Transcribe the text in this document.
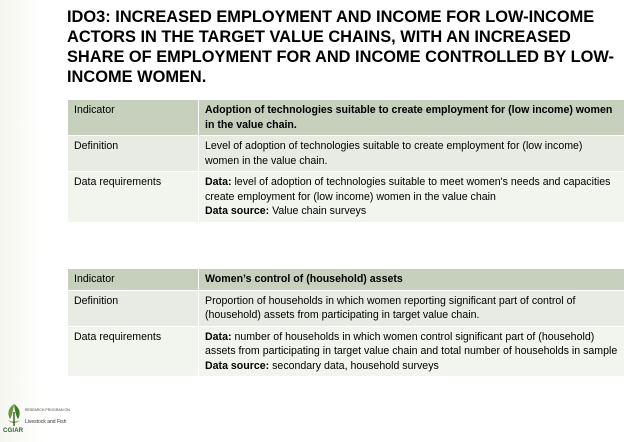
CGIAR
RESEARCH PROGRAM ON
Livestock and Fish
IDO3: INCREASED EMPLOYMENT AND INCOME FOR LOW-INCOME ACTORS IN THE TARGET VALUE CHAINS, WITH AN INCREASED SHARE OF EMPLOYMENT FOR AND INCOME CONTROLLED BY LOW-INCOME WOMEN.
Indicator	Adoption of technologies suitable to create employment for (low income) women in the value chain.
Definition	Level of adoption of technologies suitable to create employment for (low income) women in the value chain.
Data requirements	Data: level of adoption of technologies suitable to meet women's needs and capacities create employment for (low income) women in the value chain
Data source: Value chain surveys
Indicator	Women’s control of (household) assets
Definition	Proportion of households in which women reporting significant part of control of (household) assets from participating in target value chain.
Data requirements	Data: number of households in which women control significant part of (household) assets from participating in target value chain and total number of households in sample
Data source: secondary data, household surveys
